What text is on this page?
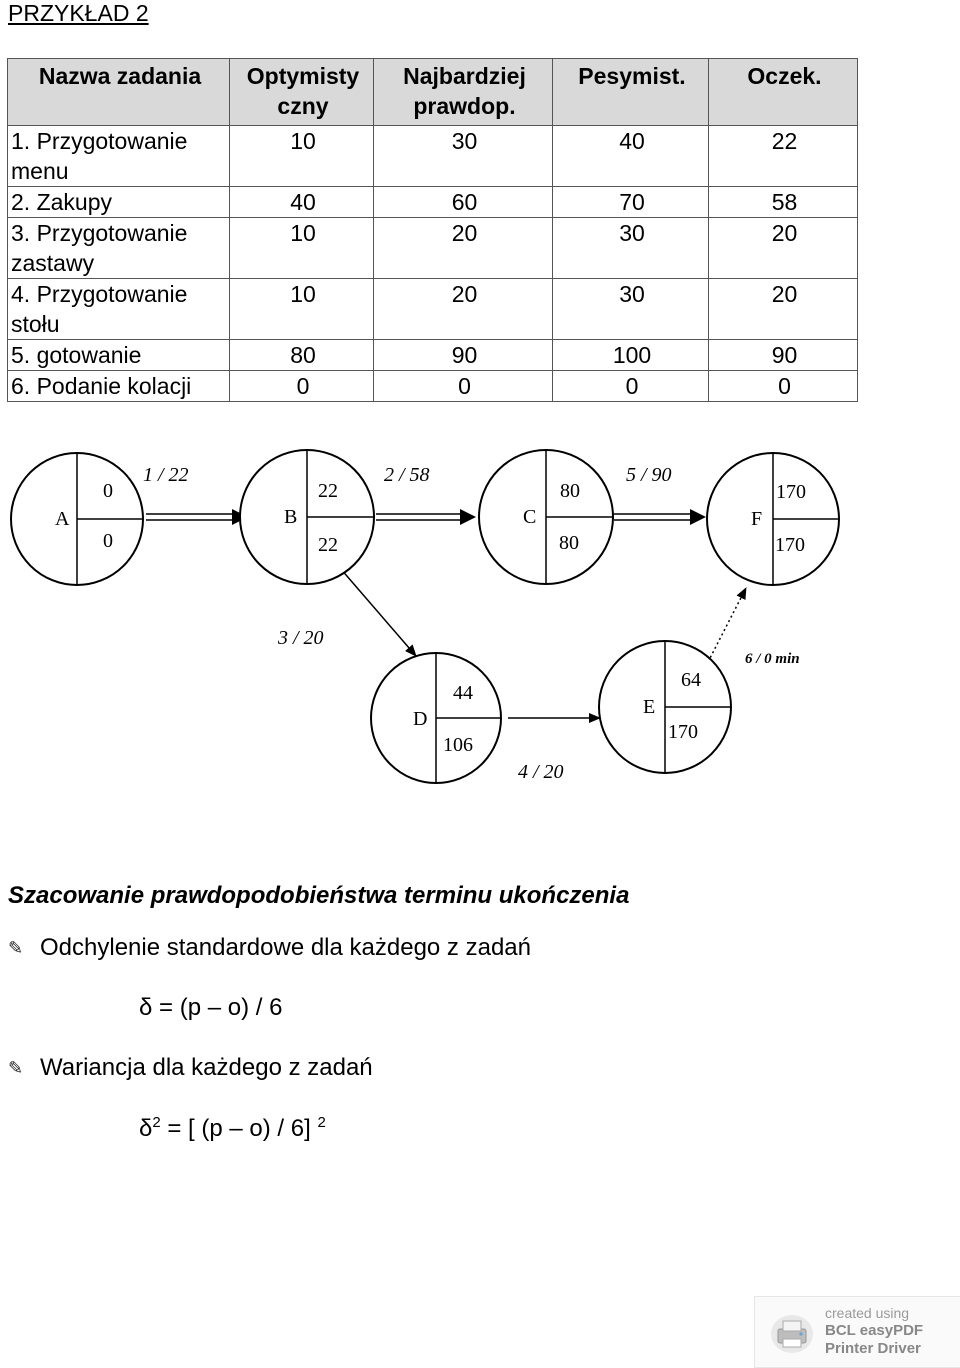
PRZYKŁAD 2
Nazwa zadania	Optymisty czny	Najbardziej prawdop.	Pesymist.	Oczek.
1. Przygotowanie menu	10	30	40	22
2. Zakupy	40	60	70	58
3. Przygotowanie zastawy	10	20	30	20
4. Przygotowanie stołu	10	20	30	20
5. gotowanie	80	90	100	90
6. Podanie kolacji	0	0	0	0
A
0
0
B
22
22
C
80
80
F
170
170
D
44
106
E
64
170
1 / 22	2 / 58	5 / 90
3 / 20
4 / 20
6 / 0 min
Szacowanie prawdopodobieństwa terminu ukończenia
✎ Odchylenie standardowe dla każdego z zadań
δ = (p – o) / 6
✎ Wariancja dla każdego z zadań
$\delta^2$ = [ (p – o) / 6] $^2$
created using
BCL easyPDF
Printer Driver
